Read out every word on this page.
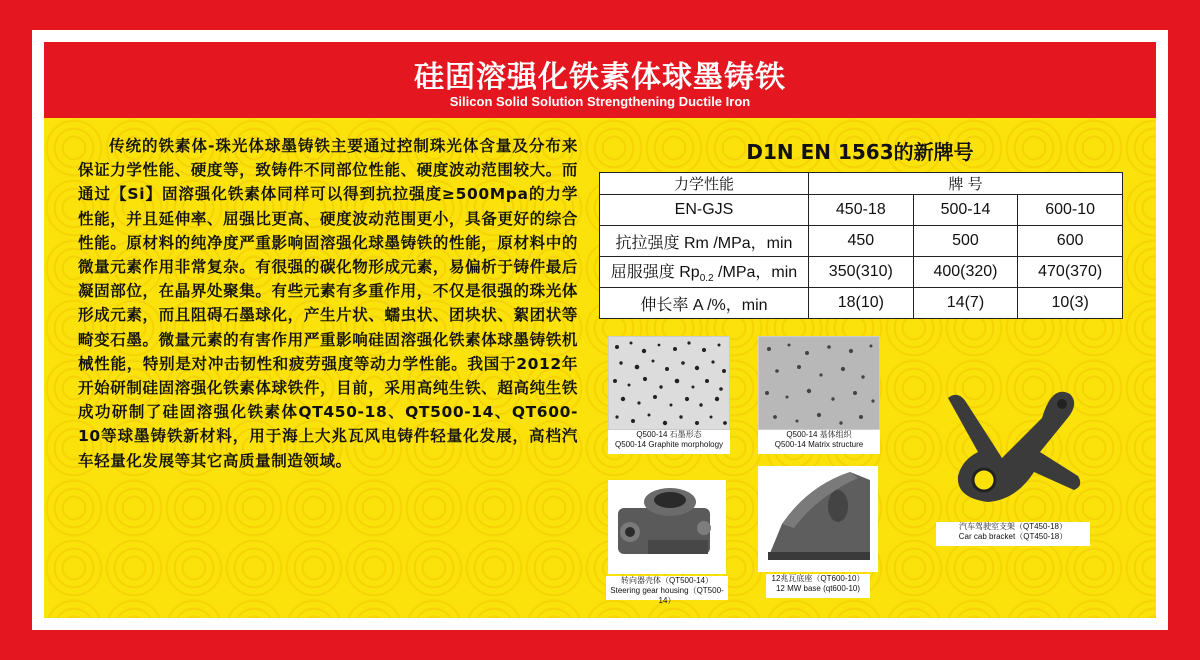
硅固溶强化铁素体球墨铸铁
Silicon Solid Solution Strengthening Ductile Iron
传统的铁素体-珠光体球墨铸铁主要通过控制珠光体含量及分布来保证力学性能、硬度等，致铸件不同部位性能、硬度波动范围较大。而通过【Si】固溶强化铁素体同样可以得到抗拉强度≥500Mpa的力学性能，并且延伸率、屈强比更高、硬度波动范围更小，具备更好的综合性能。原材料的纯净度严重影响固溶强化球墨铸铁的性能，原材料中的微量元素作用非常复杂。有很强的碳化物形成元素，易偏析于铸件最后凝固部位，在晶界处聚集。有些元素有多重作用，不仅是很强的珠光体形成元素，而且阻碍石墨球化，产生片状、蠕虫状、团块状、絮团状等畸变石墨。微量元素的有害作用严重影响硅固溶强化铁素体球墨铸铁机械性能，特别是对冲击韧性和疲劳强度等动力学性能。我国于2012年开始研制硅固溶强化铁素体球铁件，目前，采用高纯生铁、超高纯生铁成功研制了硅固溶强化铁素体QT450-18、QT500-14、QT600-10等球墨铸铁新材料，用于海上大兆瓦风电铸件轻量化发展，高档汽车轻量化发展等其它高质量制造领域。
D1N EN 1563的新牌号
力学性能	牌 号		
EN-GJS	450-18	500-14	600-10
抗拉强度 Rm /MPa，min	450	500	600
屈服强度 $Rp_{0.2}$ /MPa，min	350(310)	400(320)	470(370)
伸长率 A /%，min	18(10)	14(7)	10(3)
Q500-14 石墨形态
Q500-14 Graphite morphology
Q500-14 基体组织
Q500-14 Matrix structure
转向器壳体（QT500-14）
Steering gear housing（QT500-14）
12兆瓦底座（QT600-10）
12 MW base (qt600-10)
汽车驾驶室支架（QT450-18）
Car cab bracket（QT450-18）
